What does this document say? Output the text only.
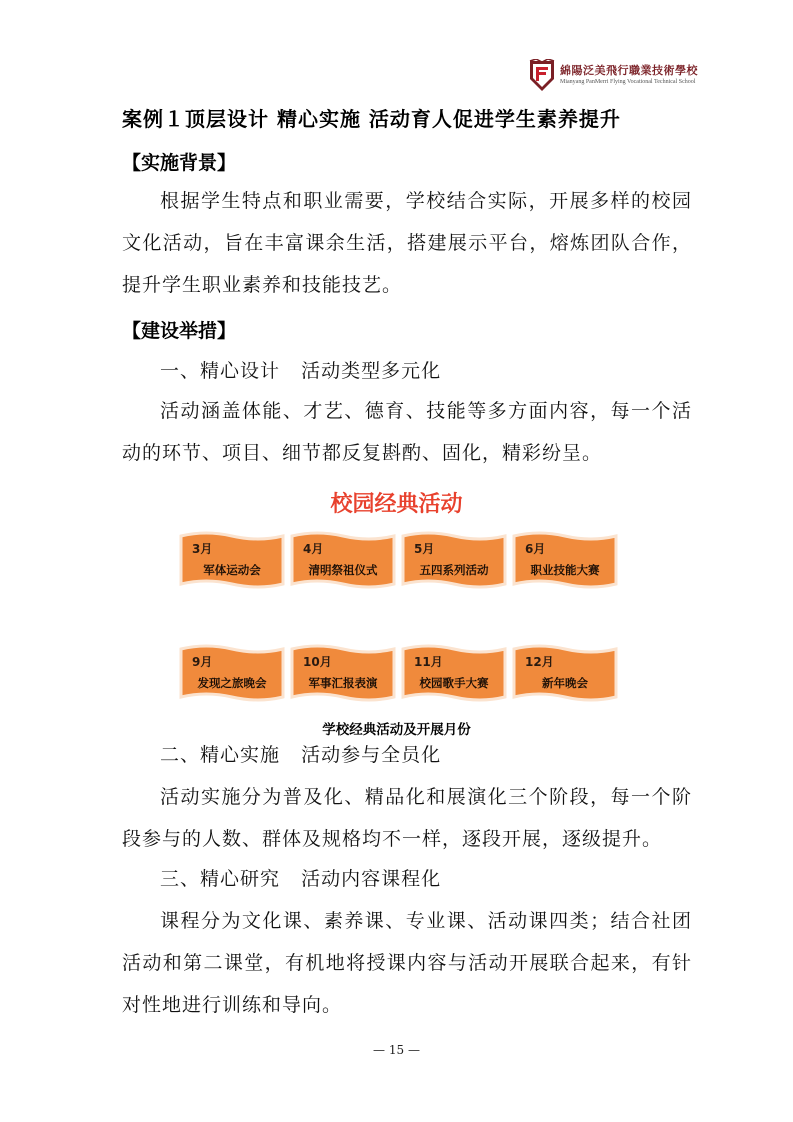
綿陽泛美飛行職業技術學校
Mianyang PanMerri Flying Vocational Technical School
案例１顶层设计 精心实施 活动育人促进学生素养提升
【实施背景】
根据学生特点和职业需要，学校结合实际，开展多样的校园文化活动，旨在丰富课余生活，搭建展示平台，熔炼团队合作，提升学生职业素养和技能技艺。
【建设举措】
一、精心设计   活动类型多元化
活动涵盖体能、才艺、德育、技能等多方面内容，每一个活动的环节、项目、细节都反复斟酌、固化，精彩纷呈。
校园经典活动
3月
军体运动会
4月
清明祭祖仪式
5月
五四系列活动
6月
职业技能大赛
9月
发现之旅晚会
10月
军事汇报表演
11月
校园歌手大赛
12月
新年晚会
学校经典活动及开展月份
二、精心实施   活动参与全员化
活动实施分为普及化、精品化和展演化三个阶段，每一个阶段参与的人数、群体及规格均不一样，逐段开展，逐级提升。
三、精心研究   活动内容课程化
课程分为文化课、素养课、专业课、活动课四类；结合社团活动和第二课堂，有机地将授课内容与活动开展联合起来，有针对性地进行训练和导向。
— 15 —
